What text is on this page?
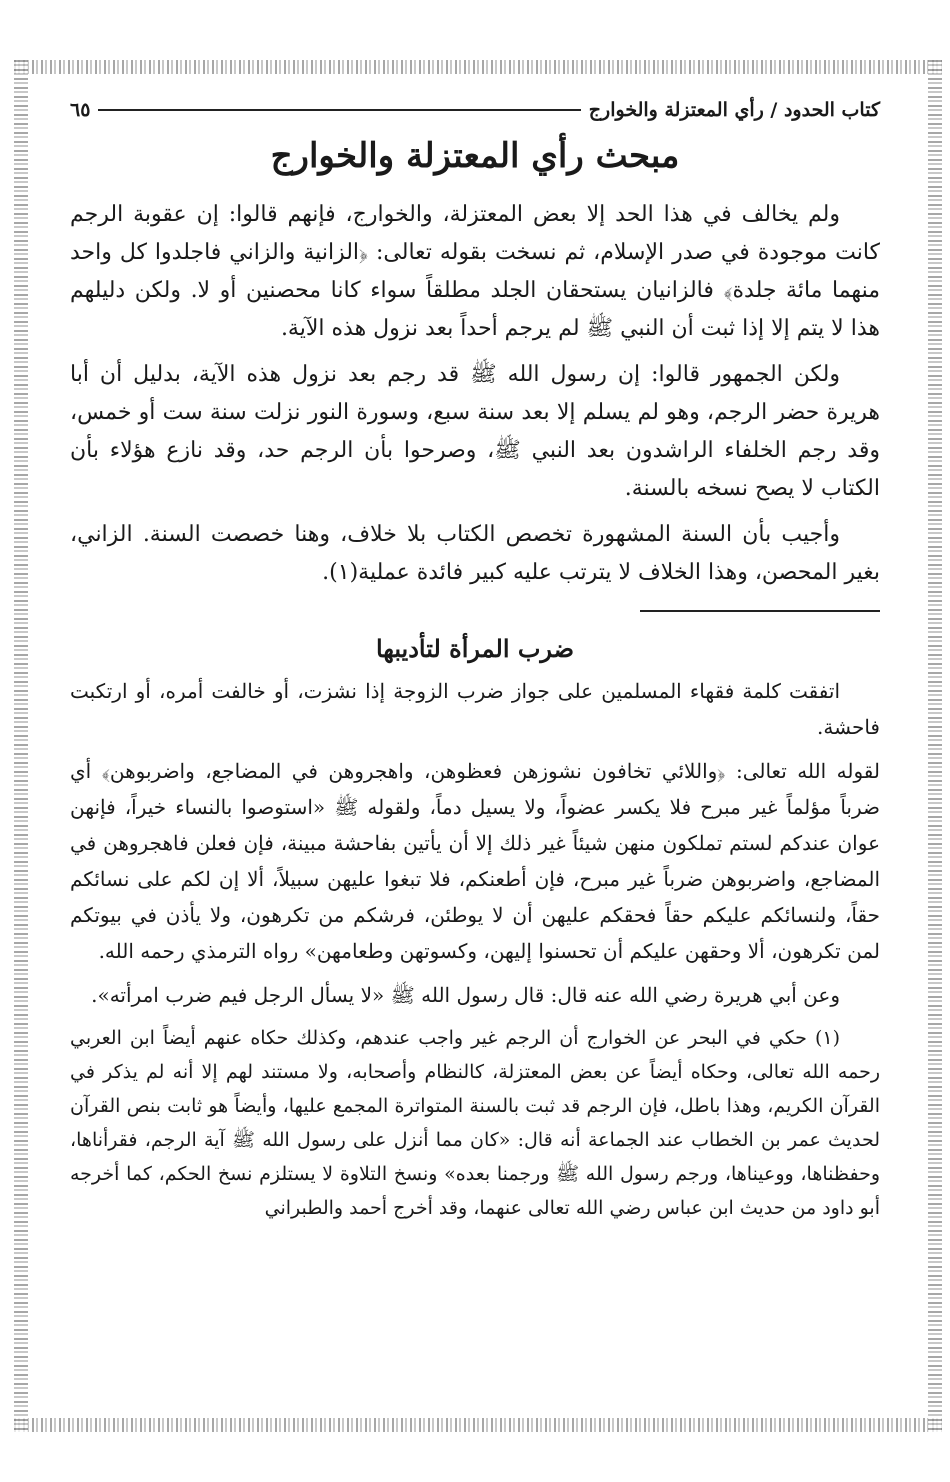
كتاب الحدود / رأي المعتزلة والخوارج
٦٥
مبحث رأي المعتزلة والخوارج

ولم يخالف في هذا الحد إلا بعض المعتزلة، والخوارج، فإنهم قالوا: إن عقوبة الرجم كانت موجودة في صدر الإسلام، ثم نسخت بقوله تعالى: ﴿الزانية والزاني فاجلدوا كل واحد منهما مائة جلدة﴾ فالزانيان يستحقان الجلد مطلقاً سواء كانا محصنين أو لا. ولكن دليلهم هذا لا يتم إلا إذا ثبت أن النبي ﷺ لم يرجم أحداً بعد نزول هذه الآية.

ولكن الجمهور قالوا: إن رسول الله ﷺ قد رجم بعد نزول هذه الآية، بدليل أن أبا هريرة حضر الرجم، وهو لم يسلم إلا بعد سنة سبع، وسورة النور نزلت سنة ست أو خمس، وقد رجم الخلفاء الراشدون بعد النبي ﷺ، وصرحوا بأن الرجم حد، وقد نازع هؤلاء بأن الكتاب لا يصح نسخه بالسنة.

وأجيب بأن السنة المشهورة تخصص الكتاب بلا خلاف، وهنا خصصت السنة. الزاني، بغير المحصن، وهذا الخلاف لا يترتب عليه كبير فائدة عملية(١).

ضرب المرأة لتأديبها

اتفقت كلمة فقهاء المسلمين على جواز ضرب الزوجة إذا نشزت، أو خالفت أمره، أو ارتكبت فاحشة.

لقوله الله تعالى: ﴿واللائي تخافون نشوزهن فعظوهن، واهجروهن في المضاجع، واضربوهن﴾ أي ضرباً مؤلماً غير مبرح فلا يكسر عضواً، ولا يسيل دماً، ولقوله ﷺ «استوصوا بالنساء خيراً، فإنهن عوان عندكم لستم تملكون منهن شيئاً غير ذلك إلا أن يأتين بفاحشة مبينة، فإن فعلن فاهجروهن في المضاجع، واضربوهن ضرباً غير مبرح، فإن أطعنكم، فلا تبغوا عليهن سبيلاً، ألا إن لكم على نسائكم حقاً، ولنسائكم عليكم حقاً فحقكم عليهن أن لا يوطئن، فرشكم من تكرهون، ولا يأذن في بيوتكم لمن تكرهون، ألا وحقهن عليكم أن تحسنوا إليهن، وكسوتهن وطعامهن» رواه الترمذي رحمه الله.

وعن أبي هريرة رضي الله عنه قال: قال رسول الله ﷺ «لا يسأل الرجل فيم ضرب امرأته».

(١) حكي في البحر عن الخوارج أن الرجم غير واجب عندهم، وكذلك حكاه عنهم أيضاً ابن العربي رحمه الله تعالى، وحكاه أيضاً عن بعض المعتزلة، كالنظام وأصحابه، ولا مستند لهم إلا أنه لم يذكر في القرآن الكريم، وهذا باطل، فإن الرجم قد ثبت بالسنة المتواترة المجمع عليها، وأيضاً هو ثابت بنص القرآن لحديث عمر بن الخطاب عند الجماعة أنه قال: «كان مما أنزل على رسول الله ﷺ آية الرجم، فقرأناها، وحفظناها، ووعيناها، ورجم رسول الله ﷺ ورجمنا بعده» ونسخ التلاوة لا يستلزم نسخ الحكم، كما أخرجه أبو داود من حديث ابن عباس رضي الله تعالى عنهما، وقد أخرج أحمد والطبراني
